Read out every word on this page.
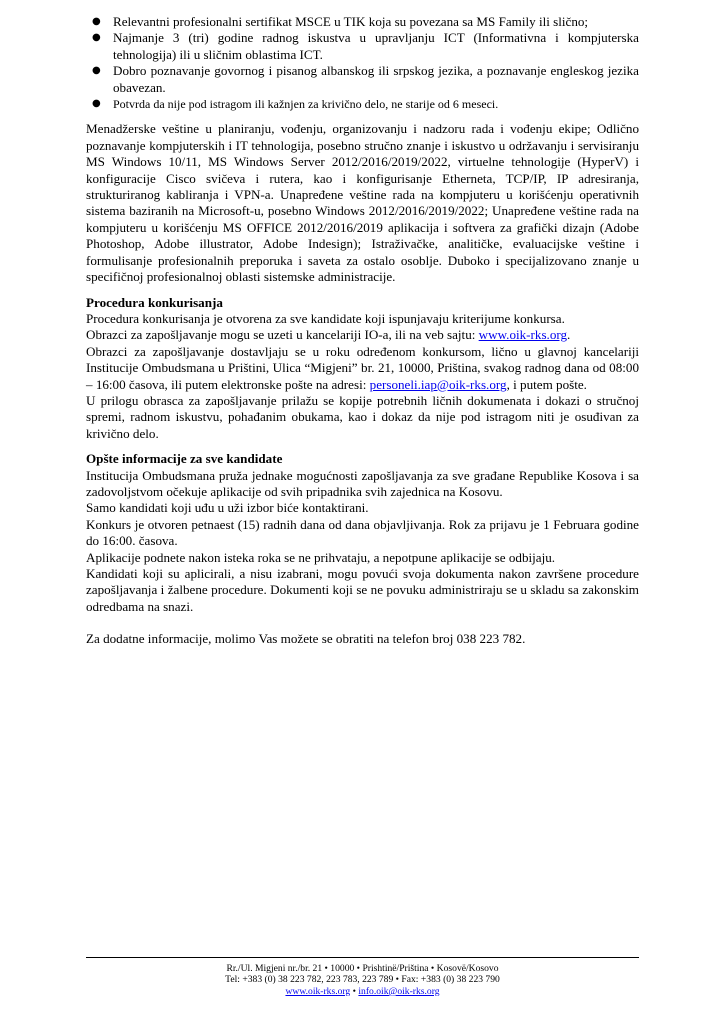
● Relevantni profesionalni sertifikat MSCE u TIK koja su povezana sa MS Family ili slično;
● Najmanje 3 (tri) godine radnog iskustva u upravljanju ICT (Informativna i kompjuterska tehnologija) ili u sličnim oblastima ICT.
● Dobro poznavanje govornog i pisanog albanskog ili srpskog jezika, a poznavanje engleskog jezika obavezan.
● Potvrda da nije pod istragom ili kažnjen za krivično delo, ne starije od 6 meseci.

Menadžerske veštine u planiranju, vođenju, organizovanju i nadzoru rada i vođenju ekipe; Odlično poznavanje kompjuterskih i IT tehnologija, posebno stručno znanje i iskustvo u održavanju i servisiranju MS Windows 10/11, MS Windows Server 2012/2016/2019/2022, virtuelne tehnologije (HyperV) i konfiguracije Cisco svičeva i rutera, kao i konfigurisanje Etherneta, TCP/IP, IP adresiranja, strukturiranog kabliranja i VPN-a. Unapređene veštine rada na kompjuteru u korišćenju operativnih sistema baziranih na Microsoft-u, posebno Windows 2012/2016/2019/2022; Unapređene veštine rada na kompjuteru u korišćenju MS OFFICE 2012/2016/2019 aplikacija i softvera za grafički dizajn (Adobe Photoshop, Adobe illustrator, Adobe Indesign); Istraživačke, analitičke, evaluacijske veštine i formulisanje profesionalnih preporuka i saveta za ostalo osoblje. Duboko i specijalizovano znanje u specifičnoj profesionalnoj oblasti sistemske administracije.

Procedura konkurisanja

Procedura konkurisanja je otvorena za sve kandidate koji ispunjavaju kriterijume konkursa.

Obrazci za zapošljavanje mogu se uzeti u kancelariji IO-a, ili na veb sajtu: www.oik-rks.org.

Obrazci za zapošljavanje dostavljaju se u roku određenom konkursom, lično u glavnoj kancelariji Institucije Ombudsmana u Prištini, Ulica “Migjeni” br. 21, 10000, Priština, svakog radnog dana od 08:00 – 16:00 časova, ili putem elektronske pošte na adresi: personeli.iap@oik-rks.org, i putem pošte.

U prilogu obrasca za zapošljavanje prilažu se kopije potrebnih ličnih dokumenata i dokazi o stručnoj spremi, radnom iskustvu, pohađanim obukama, kao i dokaz da nije pod istragom niti je osuđivan za krivično delo.

Opšte informacije za sve kandidate

Institucija Ombudsmana pruža jednake mogućnosti zapošljavanja za sve građane Republike Kosova i sa zadovoljstvom očekuje aplikacije od svih pripadnika svih zajednica na Kosovu.

Samo kandidati koji uđu u uži izbor biće kontaktirani.

Konkurs je otvoren petnaest (15) radnih dana od dana objavljivanja. Rok za prijavu je 1 Februara godine do 16:00. časova.

Aplikacije podnete nakon isteka roka se ne prihvataju, a nepotpune aplikacije se odbijaju.

Kandidati koji su aplicirali, a nisu izabrani, mogu povući svoja dokumenta nakon završene procedure zapošljavanja i žalbene procedure. Dokumenti koji se ne povuku administriraju se u skladu sa zakonskim odredbama na snazi.

Za dodatne informacije, molimo Vas možete se obratiti na telefon broj 038 223 782.

Rr./Ul. Migjeni nr./br. 21 • 10000 • Prishtinë/Priština • Kosovë/Kosovo
Tel: +383 (0) 38 223 782, 223 783, 223 789 • Fax: +383 (0) 38 223 790
www.oik-rks.org • info.oik@oik-rks.org
